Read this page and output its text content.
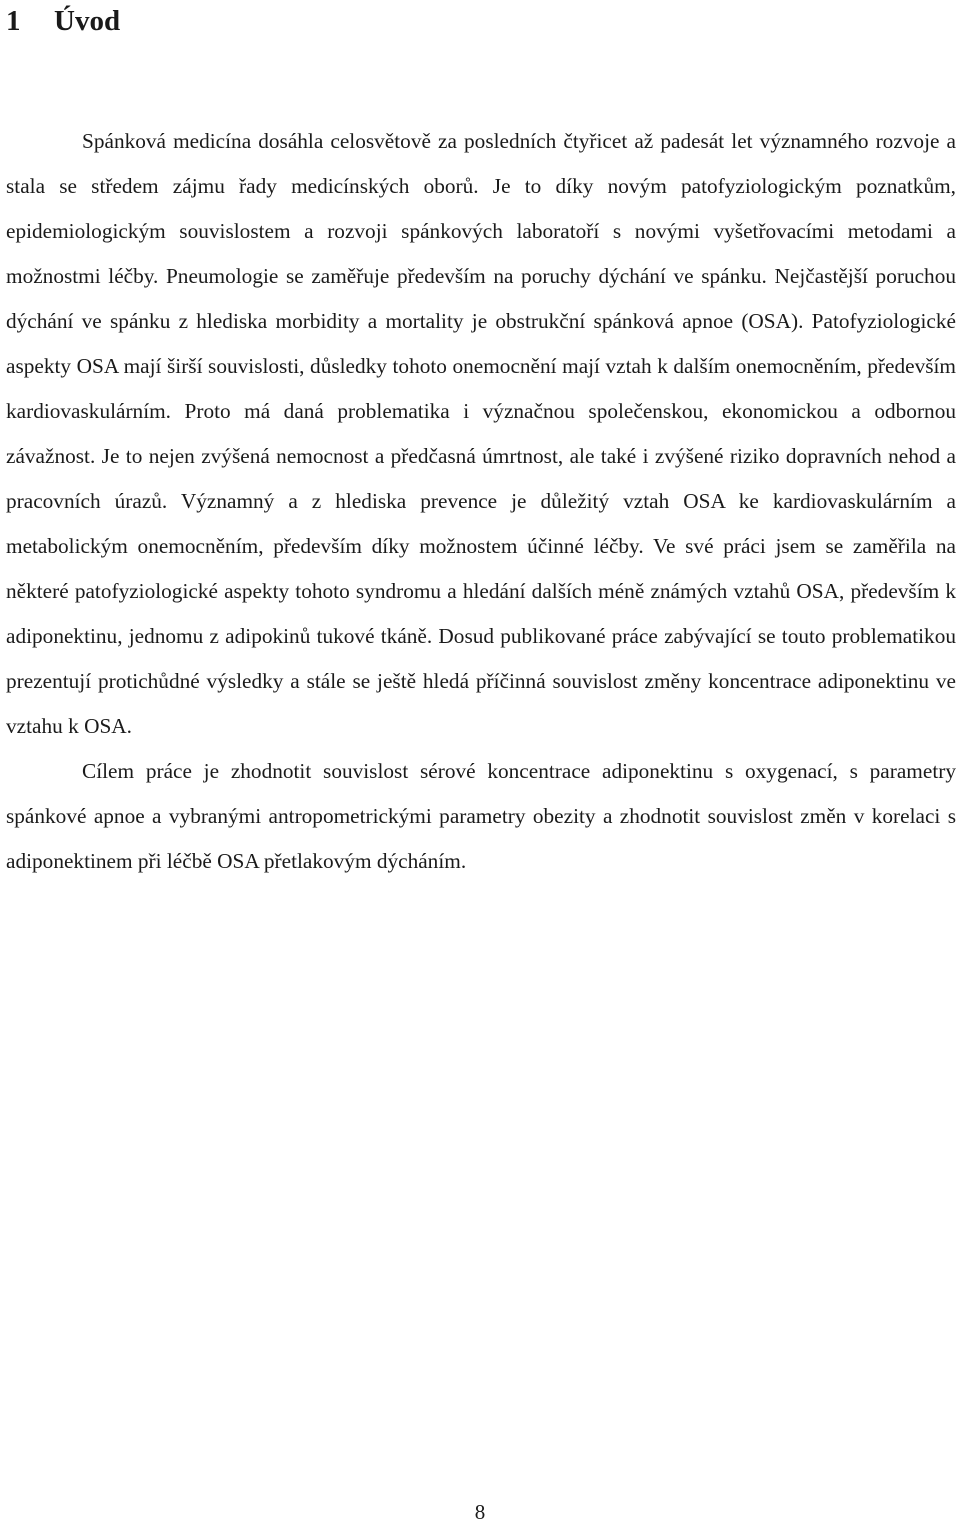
1 Úvod

Spánková medicína dosáhla celosvětově za posledních čtyřicet až padesát let významného rozvoje a stala se středem zájmu řady medicínských oborů. Je to díky novým patofyziologickým poznatkům, epidemiologickým souvislostem a rozvoji spánkových laboratoří s novými vyšetřovacími metodami a možnostmi léčby. Pneumologie se zaměřuje především na poruchy dýchání ve spánku. Nejčastější poruchou dýchání ve spánku z hlediska morbidity a mortality je obstrukční spánková apnoe (OSA). Patofyziologické aspekty OSA mají širší souvislosti, důsledky tohoto onemocnění mají vztah k dalším onemocněním, především kardiovaskulárním. Proto má daná problematika i význačnou společenskou, ekonomickou a odbornou závažnost. Je to nejen zvýšená nemocnost a předčasná úmrtnost, ale také i zvýšené riziko dopravních nehod a pracovních úrazů. Významný a z hlediska prevence je důležitý vztah OSA ke kardiovaskulárním a metabolickým onemocněním, především díky možnostem účinné léčby. Ve své práci jsem se zaměřila na některé patofyziologické aspekty tohoto syndromu a hledání dalších méně známých vztahů OSA, především k adiponektinu, jednomu z adipokinů tukové tkáně. Dosud publikované práce zabývající se touto problematikou prezentují protichůdné výsledky a stále se ještě hledá příčinná souvislost změny koncentrace adiponektinu ve vztahu k OSA.

Cílem práce je zhodnotit souvislost sérové koncentrace adiponektinu s oxygenací, s parametry spánkové apnoe a vybranými antropometrickými parametry obezity a zhodnotit souvislost změn v korelaci s adiponektinem při léčbě OSA přetlakovým dýcháním.

8
